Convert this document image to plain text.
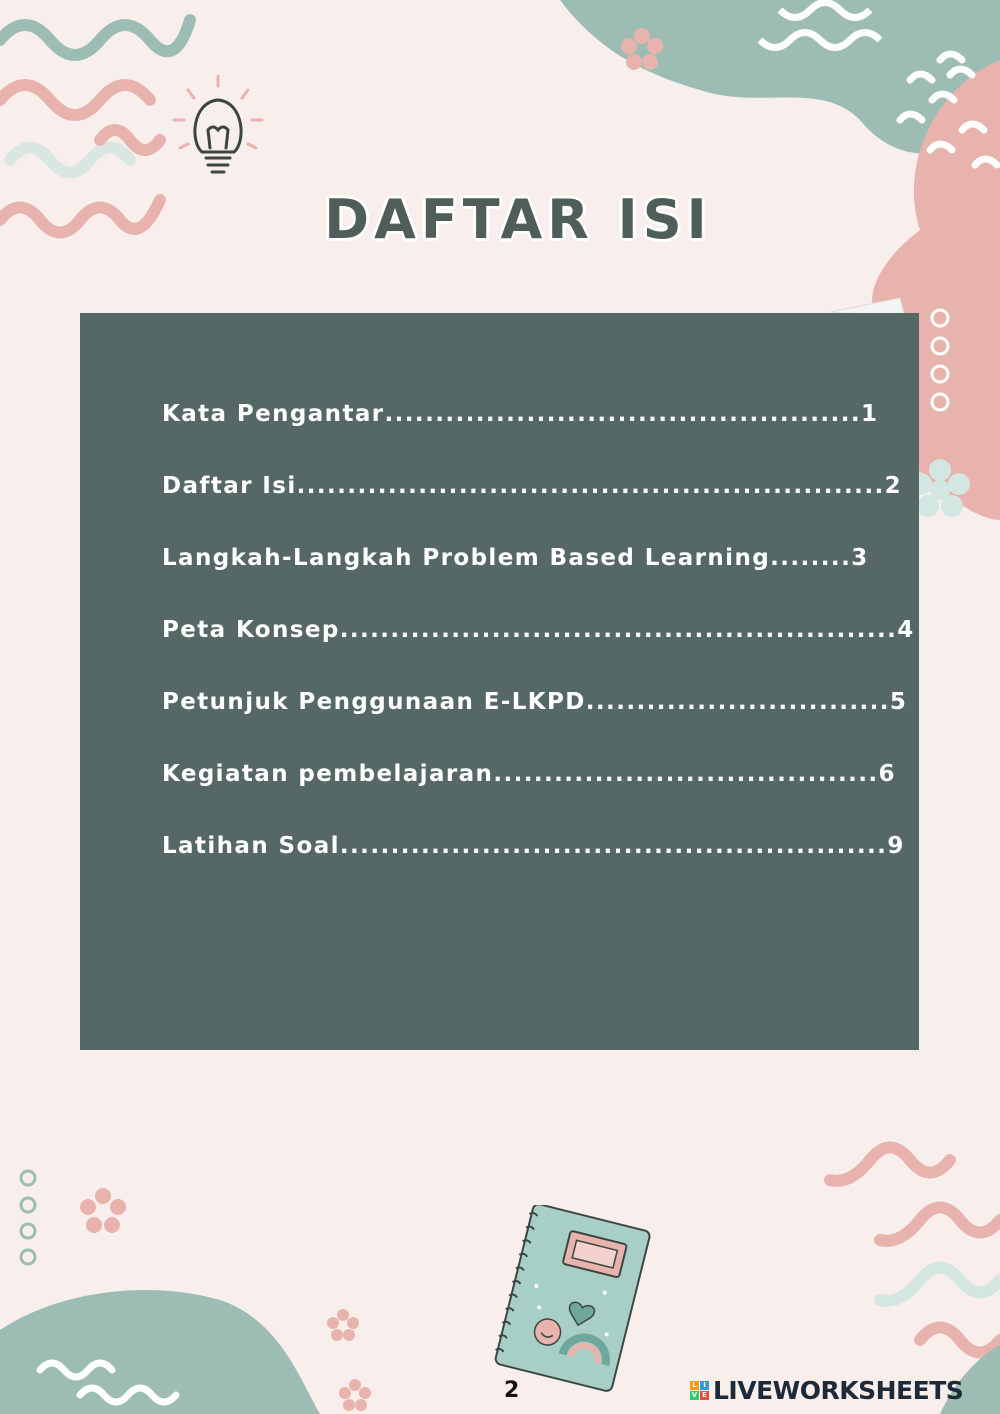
DAFTAR ISI
Kata Pengantar ............................................... 1
Daftar Isi .......................................................... 2
Langkah-Langkah Problem Based Learning ........ 3
Peta Konsep ....................................................... 4
Petunjuk Penggunaan E-LKPD .............................. 5
Kegiatan pembelajaran ...................................... 6
Latihan Soal ...................................................... 9
2	L I
V E LIVEWORKSHEETS
